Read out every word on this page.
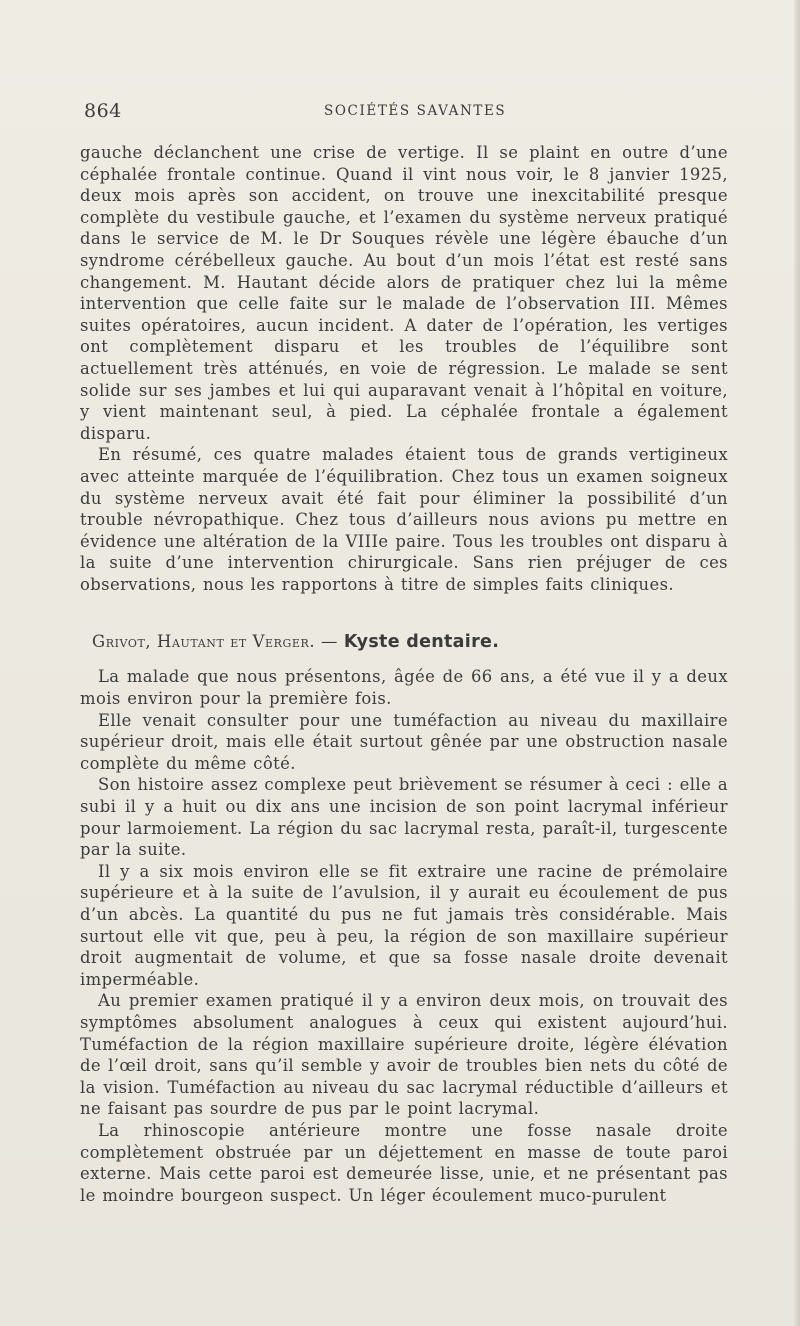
864	SOCIÉTÉS SAVANTES

gauche déclanchent une crise de vertige. Il se plaint en outre d’une céphalée frontale continue. Quand il vint nous voir, le 8 janvier 1925, deux mois après son accident, on trouve une inexcitabilité presque complète du vestibule gauche, et l’examen du système nerveux pratiqué dans le service de M. le Dr Souques révèle une légère ébauche d’un syndrome cérébelleux gauche. Au bout d’un mois l’état est resté sans changement. M. Hautant décide alors de pratiquer chez lui la même intervention que celle faite sur le malade de l’observation III. Mêmes suites opératoires, aucun incident. A dater de l’opération, les vertiges ont complètement disparu et les troubles de l’équilibre sont actuellement très atténués, en voie de régression. Le malade se sent solide sur ses jambes et lui qui auparavant venait à l’hôpital en voiture, y vient maintenant seul, à pied. La céphalée frontale a également disparu.

En résumé, ces quatre malades étaient tous de grands vertigineux avec atteinte marquée de l’équilibration. Chez tous un examen soigneux du système nerveux avait été fait pour éliminer la possibilité d’un trouble névropathique. Chez tous d’ailleurs nous avions pu mettre en évidence une altération de la VIIIe paire. Tous les troubles ont disparu à la suite d’une intervention chirurgicale. Sans rien préjuger de ces observations, nous les rapportons à titre de simples faits cliniques.

Grivot, Hautant et Verger. — Kyste dentaire.

La malade que nous présentons, âgée de 66 ans, a été vue il y a deux mois environ pour la première fois.

Elle venait consulter pour une tuméfaction au niveau du maxillaire supérieur droit, mais elle était surtout gênée par une obstruction nasale complète du même côté.

Son histoire assez complexe peut brièvement se résumer à ceci : elle a subi il y a huit ou dix ans une incision de son point lacrymal inférieur pour larmoiement. La région du sac lacrymal resta, paraît-il, turgescente par la suite.

Il y a six mois environ elle se fit extraire une racine de prémolaire supérieure et à la suite de l’avulsion, il y aurait eu écoulement de pus d’un abcès. La quantité du pus ne fut jamais très considérable. Mais surtout elle vit que, peu à peu, la région de son maxillaire supérieur droit augmentait de volume, et que sa fosse nasale droite devenait imperméable.

Au premier examen pratiqué il y a environ deux mois, on trouvait des symptômes absolument analogues à ceux qui existent aujourd’hui. Tuméfaction de la région maxillaire supérieure droite, légère élévation de l’œil droit, sans qu’il semble y avoir de troubles bien nets du côté de la vision. Tuméfaction au niveau du sac lacrymal réductible d’ailleurs et ne faisant pas sourdre de pus par le point lacrymal.

La rhinoscopie antérieure montre une fosse nasale droite complètement obstruée par un déjettement en masse de toute paroi externe. Mais cette paroi est demeurée lisse, unie, et ne présentant pas le moindre bourgeon suspect. Un léger écoulement muco-purulent
